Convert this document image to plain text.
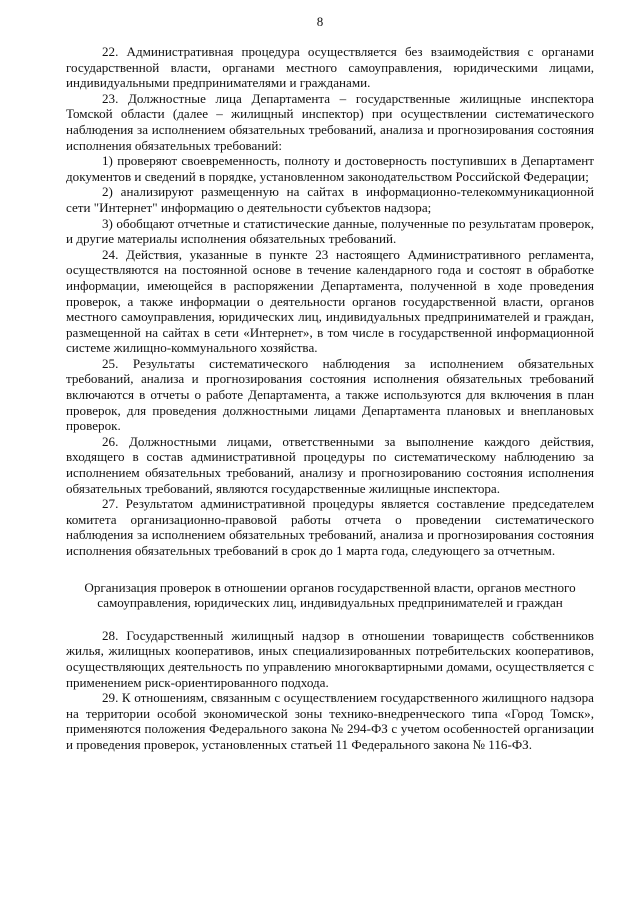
8

22. Административная процедура осуществляется без взаимодействия с органами государственной власти, органами местного самоуправления, юридическими лицами, индивидуальными предпринимателями и гражданами.

23. Должностные лица Департамента – государственные жилищные инспектора Томской области (далее – жилищный инспектор) при осуществлении систематического наблюдения за исполнением обязательных требований, анализа и прогнозирования состояния исполнения обязательных требований:

1) проверяют своевременность, полноту и достоверность поступивших в Департамент документов и сведений в порядке, установленном законодательством Российской Федерации;

2) анализируют размещенную на сайтах в информационно-телекоммуникационной сети "Интернет" информацию о деятельности субъектов надзора;

3) обобщают отчетные и статистические данные, полученные по результатам проверок, и другие материалы исполнения обязательных требований.

24. Действия, указанные в пункте 23 настоящего Административного регламента, осуществляются на постоянной основе в течение календарного года и состоят в обработке информации, имеющейся в распоряжении Департамента, полученной в ходе проведения проверок, а также информации о деятельности органов государственной власти, органов местного самоуправления, юридических лиц, индивидуальных предпринимателей и граждан, размещенной на сайтах в сети «Интернет», в том числе в государственной информационной системе жилищно-коммунального хозяйства.

25. Результаты систематического наблюдения за исполнением обязательных требований, анализа и прогнозирования состояния исполнения обязательных требований включаются в отчеты о работе Департамента, а также используются для включения в план проверок, для проведения должностными лицами Департамента плановых и внеплановых проверок.

26. Должностными лицами, ответственными за выполнение каждого действия, входящего в состав административной процедуры по систематическому наблюдению за исполнением обязательных требований, анализу и прогнозированию состояния исполнения обязательных требований, являются государственные жилищные инспектора.

27. Результатом административной процедуры является составление председателем комитета организационно-правовой работы отчета о проведении систематического наблюдения за исполнением обязательных требований, анализа и прогнозирования состояния исполнения обязательных требований в срок до 1 марта года, следующего за отчетным.

Организация проверок в отношении органов государственной власти, органов местного самоуправления, юридических лиц, индивидуальных предпринимателей и граждан

28. Государственный жилищный надзор в отношении товариществ собственников жилья, жилищных кооперативов, иных специализированных потребительских кооперативов, осуществляющих деятельность по управлению многоквартирными домами, осуществляется с применением риск-ориентированного подхода.

29. К отношениям, связанным с осуществлением государственного жилищного надзора на территории особой экономической зоны технико-внедренческого типа «Город Томск», применяются положения Федерального закона № 294-ФЗ с учетом особенностей организации и проведения проверок, установленных статьей 11 Федерального закона № 116-ФЗ.
